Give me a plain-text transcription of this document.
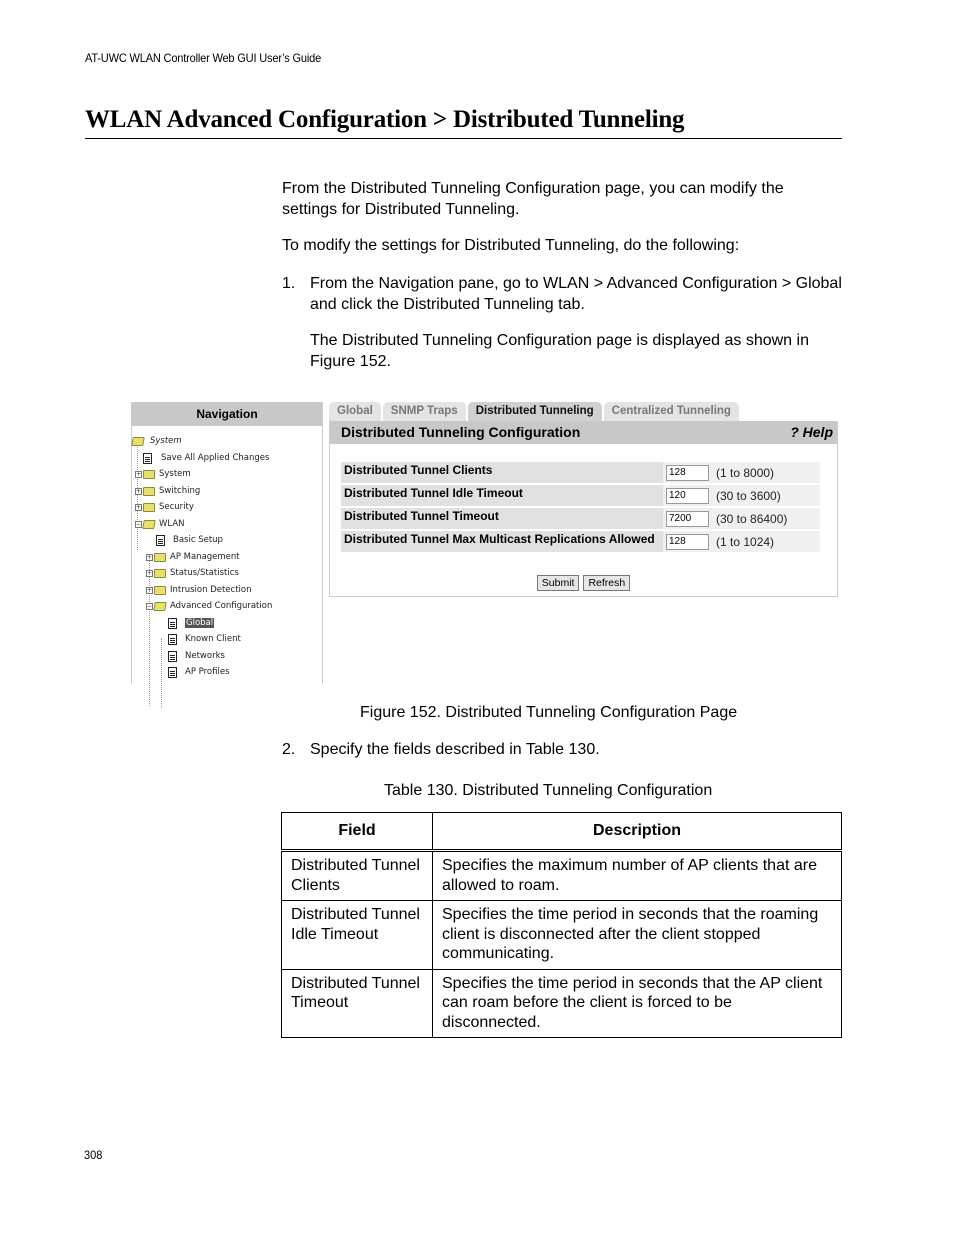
AT-UWC WLAN Controller Web GUI User’s Guide
WLAN Advanced Configuration > Distributed Tunneling
From the Distributed Tunneling Configuration page, you can modify the settings for Distributed Tunneling.
To modify the settings for Distributed Tunneling, do the following:
1. From the Navigation pane, go to WLAN > Advanced Configuration > Global and click the Distributed Tunneling tab.
The Distributed Tunneling Configuration page is displayed as shown in Figure 152.
Navigation
System
Save All Applied Changes
+ System
+ Switching
+ Security
− WLAN
Basic Setup
+ AP Management
+ Status/Statistics
+ Intrusion Detection
− Advanced Configuration
Global
Known Client
Networks
AP Profiles
Global	SNMP Traps	Distributed Tunneling	Centralized Tunneling
Distributed Tunneling Configuration	? Help
Distributed Tunnel Clients
128	(1 to 8000)
Distributed Tunnel Idle Timeout
120	(30 to 3600)
Distributed Tunnel Timeout
7200	(30 to 86400)
Distributed Tunnel Max Multicast Replications Allowed
128	(1 to 1024)
Submit	Refresh
Figure 152. Distributed Tunneling Configuration Page
2. Specify the fields described in Table 130.
Table 130. Distributed Tunneling Configuration
Field	Description
Distributed Tunnel Clients	Specifies the maximum number of AP clients that are allowed to roam.
Distributed Tunnel Idle Timeout	Specifies the time period in seconds that the roaming client is disconnected after the client stopped communicating.
Distributed Tunnel Timeout	Specifies the time period in seconds that the AP client can roam before the client is forced to be disconnected.
308
